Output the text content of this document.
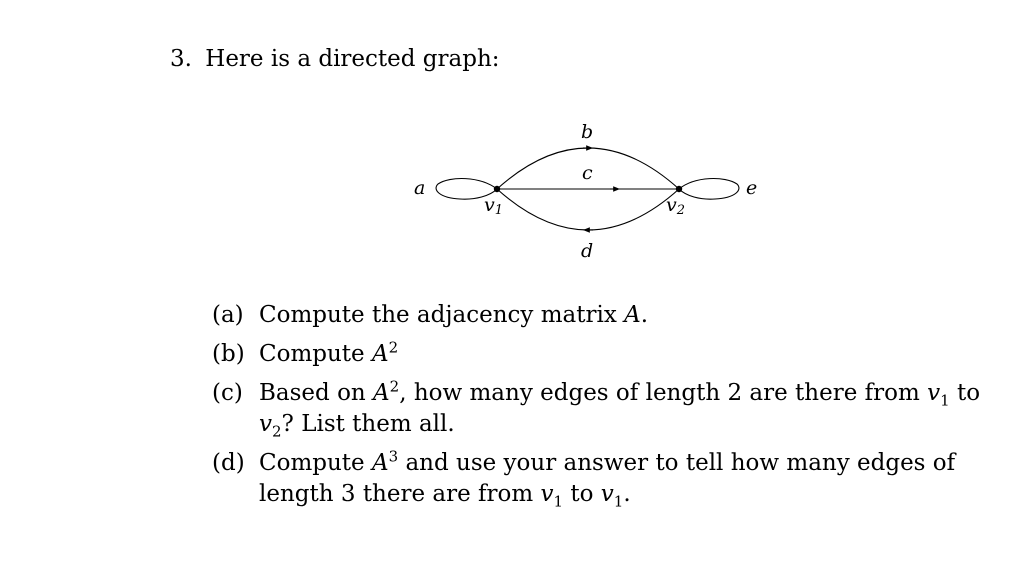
3. Here is a directed graph:
a
b
c
d
e
v1	v2
(a) Compute the adjacency matrix A.
(b) Compute $A^2$
(c) Based on $A^2$, how many edges of length 2 are there from $v_1$ to $v_2$? List them all.
(d) Compute $A^3$ and use your answer to tell how many edges of length 3 there are from $v_1$ to $v_1$.
